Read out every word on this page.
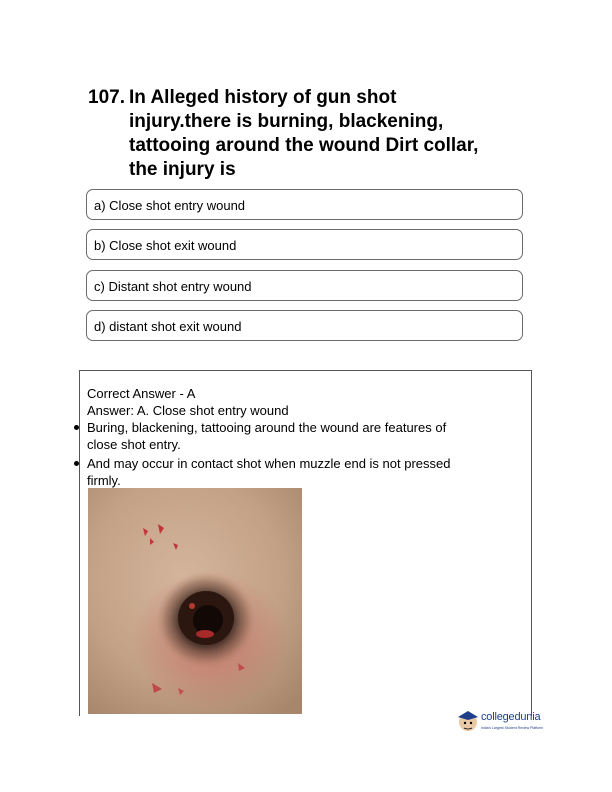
107. In Alleged history of gun shot
injury.there is burning, blackening,
tattooing around the wound Dirt collar,
the injury is
a) Close shot entry wound
b) Close shot exit wound
c) Distant shot entry wound
d) distant shot exit wound
Correct Answer - A
Answer: A. Close shot entry wound
Buring, blackening, tattooing around the wound are features of
close shot entry.
And may occur in contact shot when muzzle end is not pressed
firmly.
collegedunia
India's Largest Student Review Platform
